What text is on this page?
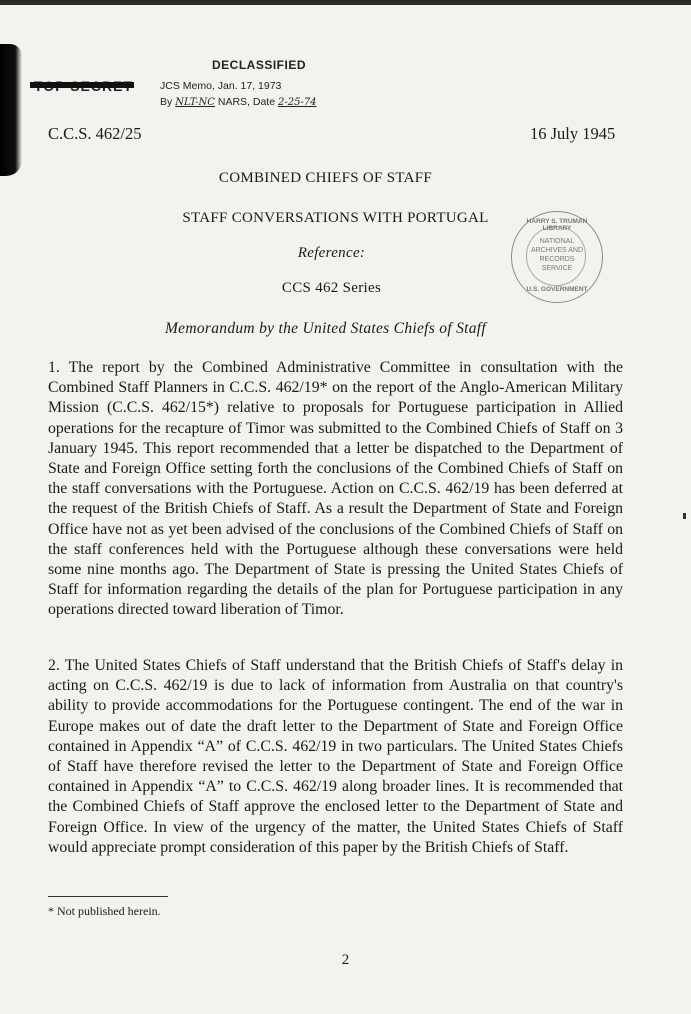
DECLASSIFIED
JCS Memo, Jan. 17, 1973
By NLT-NC NARS, Date 2-25-74
C.C.S. 462/25	16 July 1945
COMBINED CHIEFS OF STAFF
STAFF CONVERSATIONS WITH PORTUGAL
Reference:
CCS 462 Series
Memorandum by the United States Chiefs of Staff
HARRY S. TRUMAN LIBRARY
NATIONAL
ARCHIVES AND
RECORDS
SERVICE
U.S. GOVERNMENT
1. The report by the Combined Administrative Committee in consultation with the Combined Staff Planners in C.C.S. 462/19* on the report of the Anglo-American Military Mission (C.C.S. 462/15*) relative to proposals for Portuguese participation in Allied operations for the recapture of Timor was submitted to the Combined Chiefs of Staff on 3 January 1945. This report recommended that a letter be dispatched to the Department of State and Foreign Office setting forth the conclusions of the Combined Chiefs of Staff on the staff conversations with the Portuguese. Action on C.C.S. 462/19 has been deferred at the request of the British Chiefs of Staff. As a result the Department of State and Foreign Office have not as yet been advised of the conclusions of the Combined Chiefs of Staff on the staff conferences held with the Portuguese although these conversations were held some nine months ago. The Department of State is pressing the United States Chiefs of Staff for information regarding the details of the plan for Portuguese participation in any operations directed toward liberation of Timor.
2. The United States Chiefs of Staff understand that the British Chiefs of Staff's delay in acting on C.C.S. 462/19 is due to lack of information from Australia on that country's ability to provide accommodations for the Portuguese contingent. The end of the war in Europe makes out of date the draft letter to the Department of State and Foreign Office contained in Appendix “A” of C.C.S. 462/19 in two particulars. The United States Chiefs of Staff have therefore revised the letter to the Department of State and Foreign Office contained in Appendix “A” to C.C.S. 462/19 along broader lines. It is recommended that the Combined Chiefs of Staff approve the enclosed letter to the Department of State and Foreign Office. In view of the urgency of the matter, the United States Chiefs of Staff would appreciate prompt consideration of this paper by the British Chiefs of Staff.
* Not published herein.
2
